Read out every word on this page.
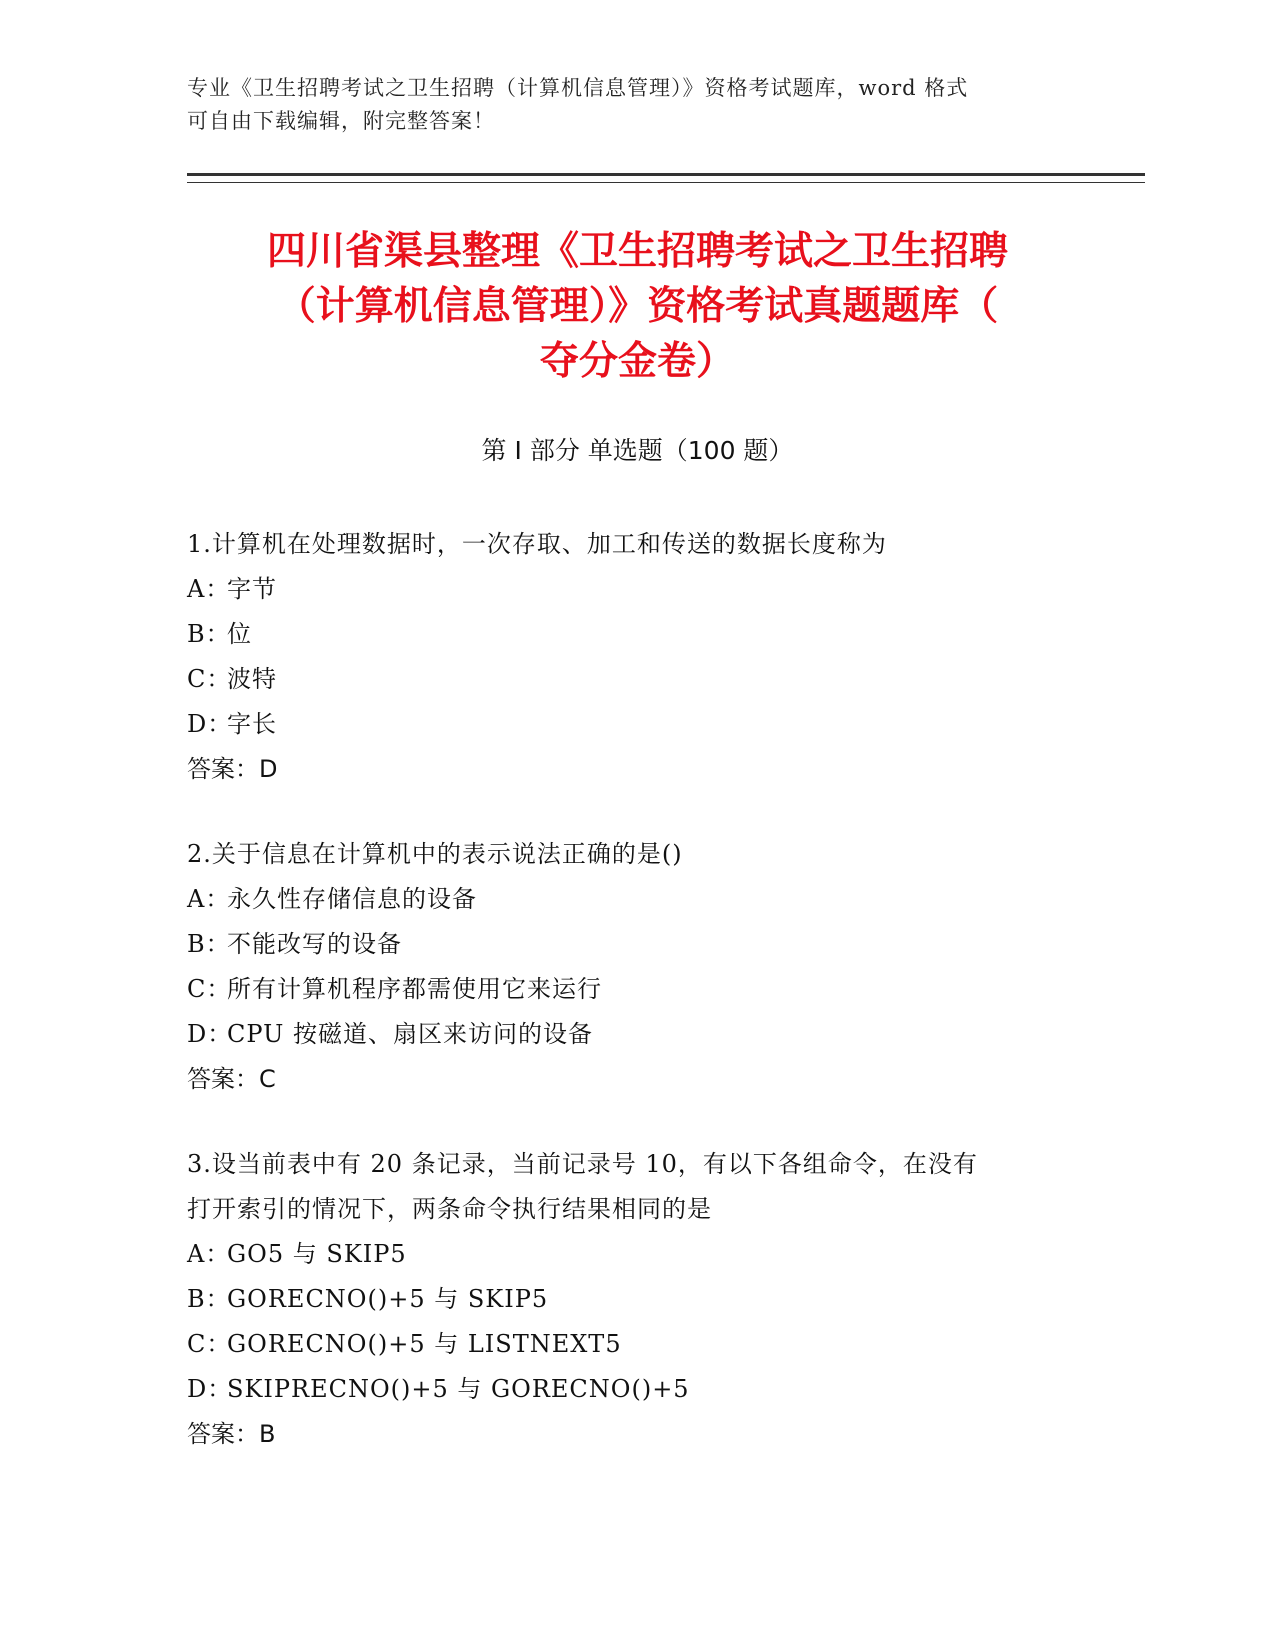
专业《卫生招聘考试之卫生招聘（计算机信息管理）》资格考试题库，word 格式
可自由下载编辑，附完整答案！
四川省渠县整理《卫生招聘考试之卫生招聘
（计算机信息管理）》资格考试真题题库（
夺分金卷）
第 I 部分 单选题（100 题）
1.计算机在处理数据时，一次存取、加工和传送的数据长度称为
A：字节
B：位
C：波特
D：字长
答案：D
2.关于信息在计算机中的表示说法正确的是()
A：永久性存储信息的设备
B：不能改写的设备
C：所有计算机程序都需使用它来运行
D：CPU 按磁道、扇区来访问的设备
答案：C
3.设当前表中有 20 条记录，当前记录号 10，有以下各组命令，在没有
打开索引的情况下，两条命令执行结果相同的是
A：GO5 与 SKIP5
B：GORECNO()+5 与 SKIP5
C：GORECNO()+5 与 LISTNEXT5
D：SKIPRECNO()+5 与 GORECNO()+5
答案：B
